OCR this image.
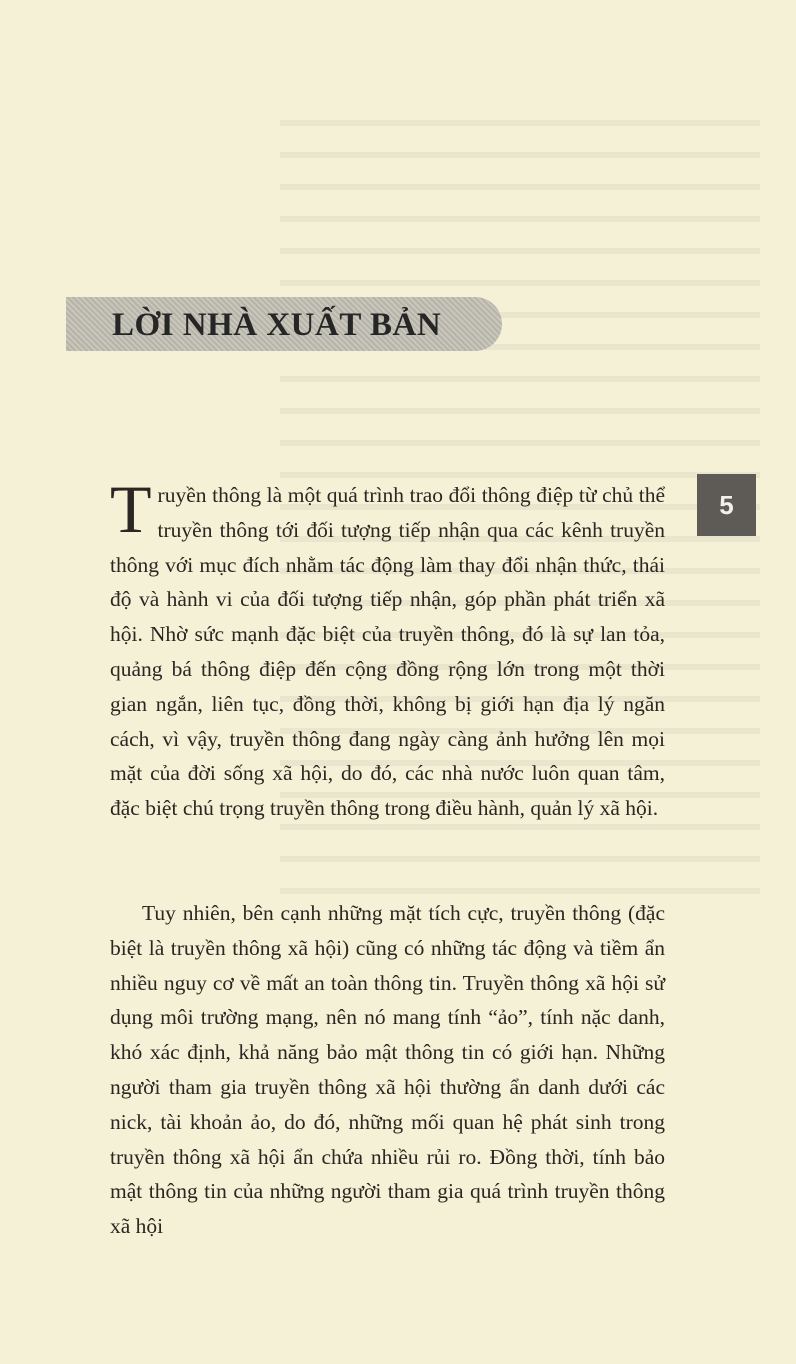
LỜI NHÀ XUẤT BẢN
5

Truyền thông là một quá trình trao đổi thông điệp từ chủ thể truyền thông tới đối tượng tiếp nhận qua các kênh truyền thông với mục đích nhằm tác động làm thay đổi nhận thức, thái độ và hành vi của đối tượng tiếp nhận, góp phần phát triển xã hội. Nhờ sức mạnh đặc biệt của truyền thông, đó là sự lan tỏa, quảng bá thông điệp đến cộng đồng rộng lớn trong một thời gian ngắn, liên tục, đồng thời, không bị giới hạn địa lý ngăn cách, vì vậy, truyền thông đang ngày càng ảnh hưởng lên mọi mặt của đời sống xã hội, do đó, các nhà nước luôn quan tâm, đặc biệt chú trọng truyền thông trong điều hành, quản lý xã hội.

Tuy nhiên, bên cạnh những mặt tích cực, truyền thông (đặc biệt là truyền thông xã hội) cũng có những tác động và tiềm ẩn nhiều nguy cơ về mất an toàn thông tin. Truyền thông xã hội sử dụng môi trường mạng, nên nó mang tính “ảo”, tính nặc danh, khó xác định, khả năng bảo mật thông tin có giới hạn. Những người tham gia truyền thông xã hội thường ẩn danh dưới các nick, tài khoản ảo, do đó, những mối quan hệ phát sinh trong truyền thông xã hội ẩn chứa nhiều rủi ro. Đồng thời, tính bảo mật thông tin của những người tham gia quá trình truyền thông xã hội
